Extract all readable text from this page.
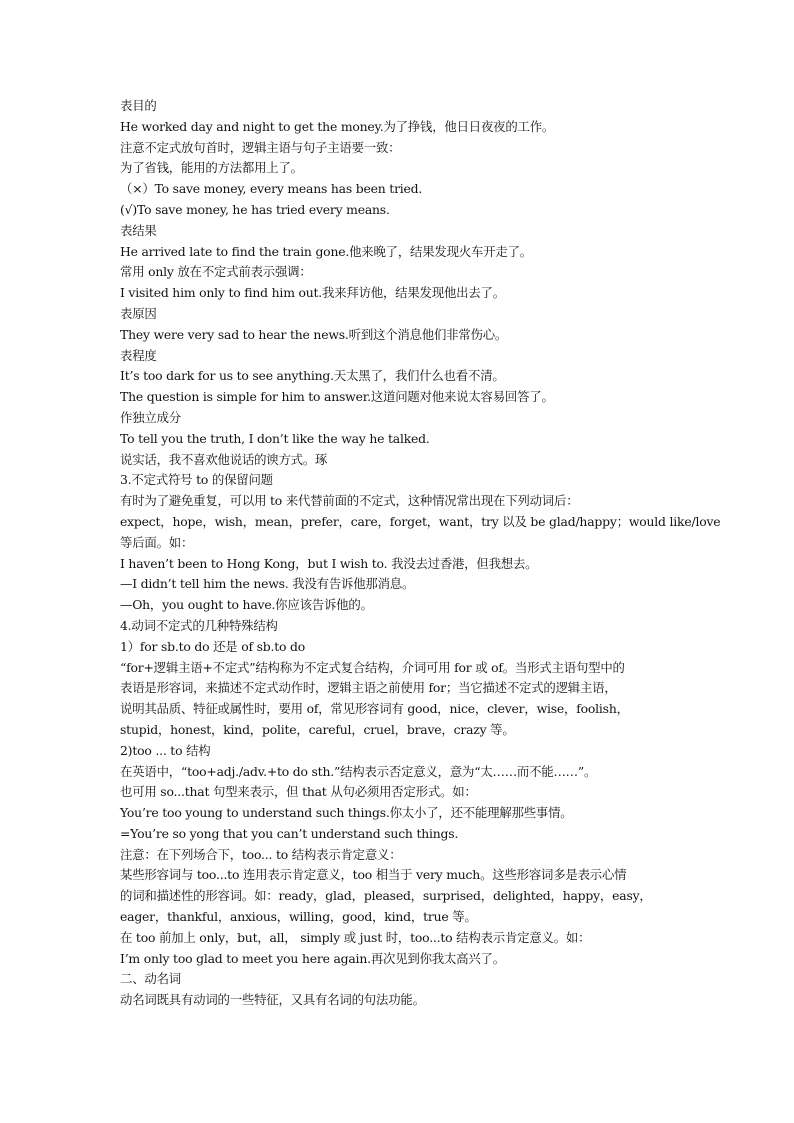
表目的
He worked day and night to get the money.为了挣钱，他日日夜夜的工作。
注意不定式放句首时，逻辑主语与句子主语要一致：
为了省钱，能用的方法都用上了。
（×）To save money, every means has been tried.
(√)To save money, he has tried every means.
表结果
He arrived late to find the train gone.他来晚了，结果发现火车开走了。
常用 only 放在不定式前表示强调：
I visited him only to find him out.我来拜访他，结果发现他出去了。
表原因
They were very sad to hear the news.听到这个消息他们非常伤心。
表程度
It’s too dark for us to see anything.天太黑了，我们什么也看不清。
The question is simple for him to answer.这道问题对他来说太容易回答了。
作独立成分
To tell you the truth, I don’t like the way he talked.
说实话，我不喜欢他说话的谀方式。琢
3.不定式符号 to 的保留问题
有时为了避免重复，可以用 to 来代替前面的不定式，这种情况常出现在下列动词后：
expect，hope，wish，mean，prefer，care，forget，want，try 以及 be glad/happy；would like/love
等后面。如：
I haven’t been to Hong Kong，but I wish to. 我没去过香港，但我想去。
—I didn’t tell him the news. 我没有告诉他那消息。
—Oh，you ought to have.你应该告诉他的。
4.动词不定式的几种特殊结构
1）for sb.to do 还是 of sb.to do
“for+逻辑主语+不定式”结构称为不定式复合结构，介词可用 for 或 of。当形式主语句型中的
表语是形容词，来描述不定式动作时，逻辑主语之前使用 for；当它描述不定式的逻辑主语，
说明其品质、特征或属性时，要用 of，常见形容词有 good，nice，clever，wise，foolish，
stupid，honest，kind，polite，careful，cruel，brave，crazy 等。
2)too ... to 结构
在英语中，“too+adj./adv.+to do sth.”结构表示否定意义，意为“太……而不能……”。
也可用 so...that 句型来表示，但 that 从句必须用否定形式。如：
You’re too young to understand such things.你太小了，还不能理解那些事情。
=You’re so yong that you can’t understand such things.
注意：在下列场合下，too... to 结构表示肯定意义：
某些形容词与 too...to 连用表示肯定意义，too 相当于 very much。这些形容词多是表示心情
的词和描述性的形容词。如：ready，glad，pleased，surprised，delighted，happy，easy，
eager，thankful，anxious，willing，good，kind，true 等。
在 too 前加上 only，but，all， simply 或 just 时，too...to 结构表示肯定意义。如：
I’m only too glad to meet you here again.再次见到你我太高兴了。
二、动名词
动名词既具有动词的一些特征，又具有名词的句法功能。
